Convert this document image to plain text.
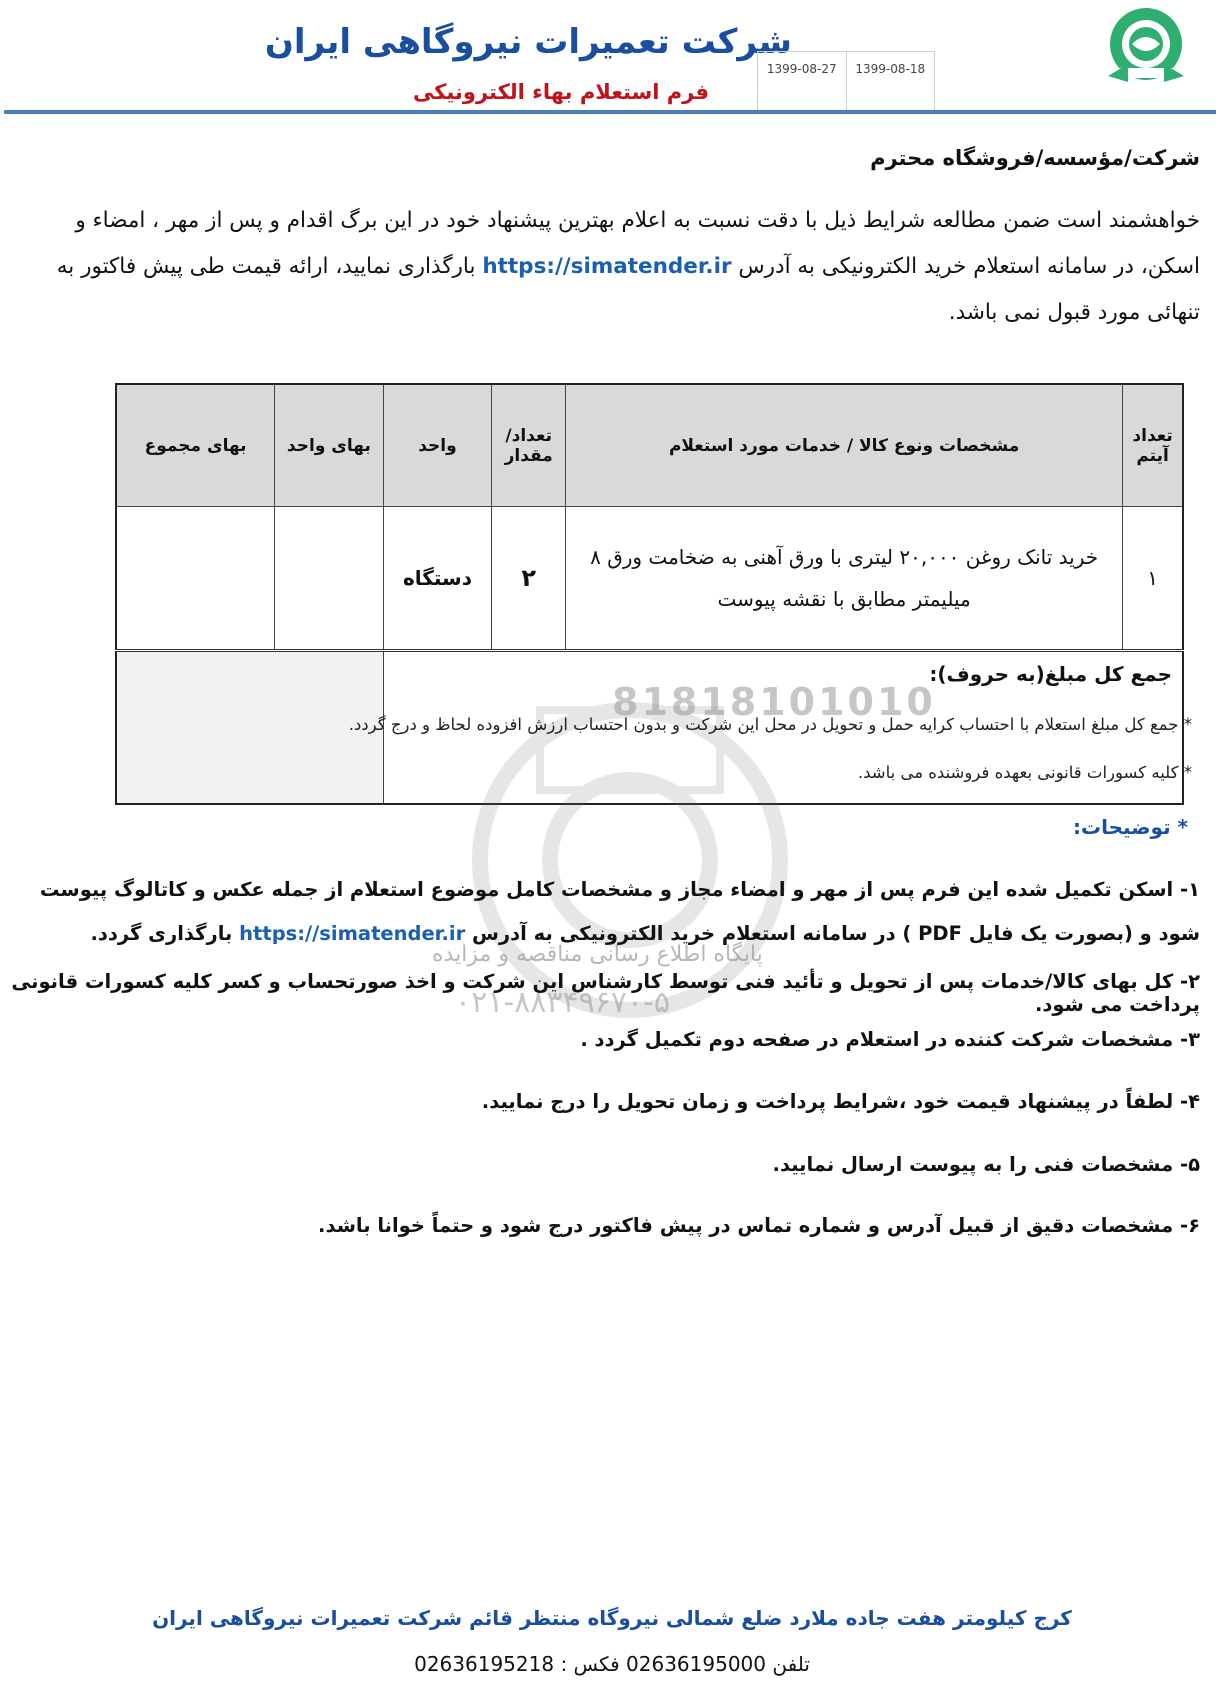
شرکت تعمیرات نیروگاهی ایران
فرم استعلام بهاء الکترونیکی
1399-08-27	1399-08-18
شرکت/مؤسسه/فروشگاه محترم
خواهشمند است ضمن مطالعه شرایط ذیل با دقت نسبت به اعلام بهترین پیشنهاد خود در این برگ اقدام و پس از مهر ، امضاء و اسکن، در سامانه استعلام خرید الکترونیکی به آدرس https://simatender.ir بارگذاری نمایید، ارائه قیمت طی پیش فاکتور به تنهائی مورد قبول نمی باشد.
تعداد آیتم	مشخصات ونوع کالا / خدمات مورد استعلام	تعداد/ مقدار	واحد	بهای واحد	بهای مجموع
۱	خرید تانک روغن ۲۰,۰۰۰ لیتری با ورق آهنی به ضخامت ورق ۸ میلیمتر مطابق با نقشه پیوست	۲	دستگاه		
جمع کل مبلغ(به حروف):					
81818101010
پایگاه اطلاع رسانی مناقصه و مزایده
۰۲۱-۸۸۳۴۹۶۷۰-۵
* جمع کل مبلغ استعلام با احتساب کرایه حمل و تحویل در محل این شرکت و بدون احتساب ارزش افزوده لحاظ و درج گردد.
* کلیه کسورات قانونی بعهده فروشنده می باشد.
* توضیحات:
۱- اسکن تکمیل شده این فرم پس از مهر و امضاء مجاز و مشخصات کامل موضوع استعلام از جمله عکس و کاتالوگ پیوست شود و (بصورت یک فایل PDF ) در سامانه استعلام خرید الکترونیکی به آدرس https://simatender.ir بارگذاری گردد.
۲- کل بهای کالا/خدمات پس از تحویل و تأئید فنی توسط کارشناس این شرکت و اخذ صورتحساب و کسر کلیه کسورات قانونی پرداخت می شود.
۳- مشخصات شرکت کننده در استعلام در صفحه دوم تکمیل گردد .
۴- لطفاً در پیشنهاد قیمت خود ،شرایط پرداخت و زمان تحویل را درج نمایید.
۵- مشخصات فنی را به پیوست ارسال نمایید.
۶- مشخصات دقیق از قبیل آدرس و شماره تماس در پیش فاکتور درج شود و حتماً خوانا باشد.
کرج کیلومتر هفت جاده ملارد ضلع شمالی نیروگاه منتظر قائم شرکت تعمیرات نیروگاهی ایران
تلفن 02636195000 فکس : 02636195218
